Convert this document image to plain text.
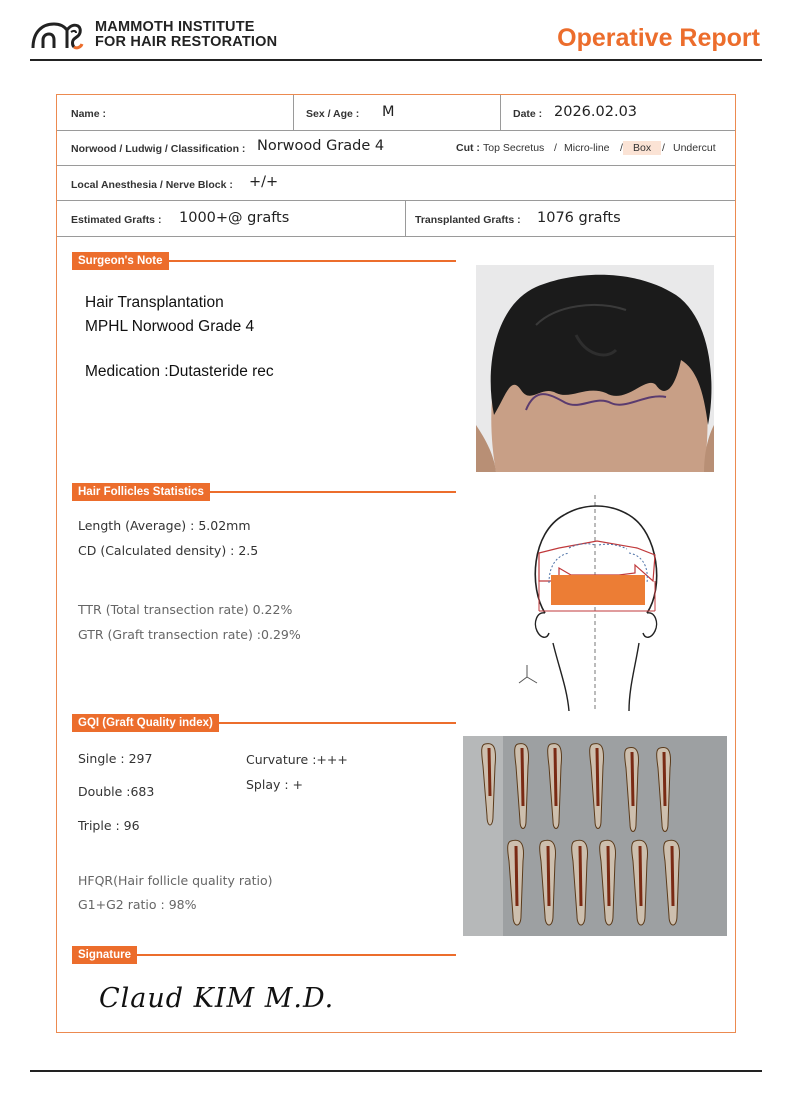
MAMMOTH INSTITUTE
FOR HAIR RESTORATION	Operative Report
Name :	Sex / Age : M	Date : 2026.02.03
Norwood / Ludwig / Classification : Norwood Grade 4	Cut : Top Secretus / Micro-line / Box	/ Undercut
Local Anesthesia / Nerve Block : +/+
Estimated Grafts : 1000+@ grafts	Transplanted Grafts : 1076 grafts
Surgeon's Note
Hair Transplantation
MPHL Norwood Grade 4
Medication :Dutasteride rec
Hair Follicles Statistics
Length (Average) : 5.02mm
CD (Calculated density) : 2.5
TTR (Total transection rate) 0.22%
GTR (Graft transection rate) :0.29%
GQI (Graft Quality index)
Single : 297
Double :683
Triple : 96
Curvature :+++
Splay : +
HFQR(Hair follicle quality ratio)
G1+G2 ratio : 98%
Signature
Claud KIM M.D.
